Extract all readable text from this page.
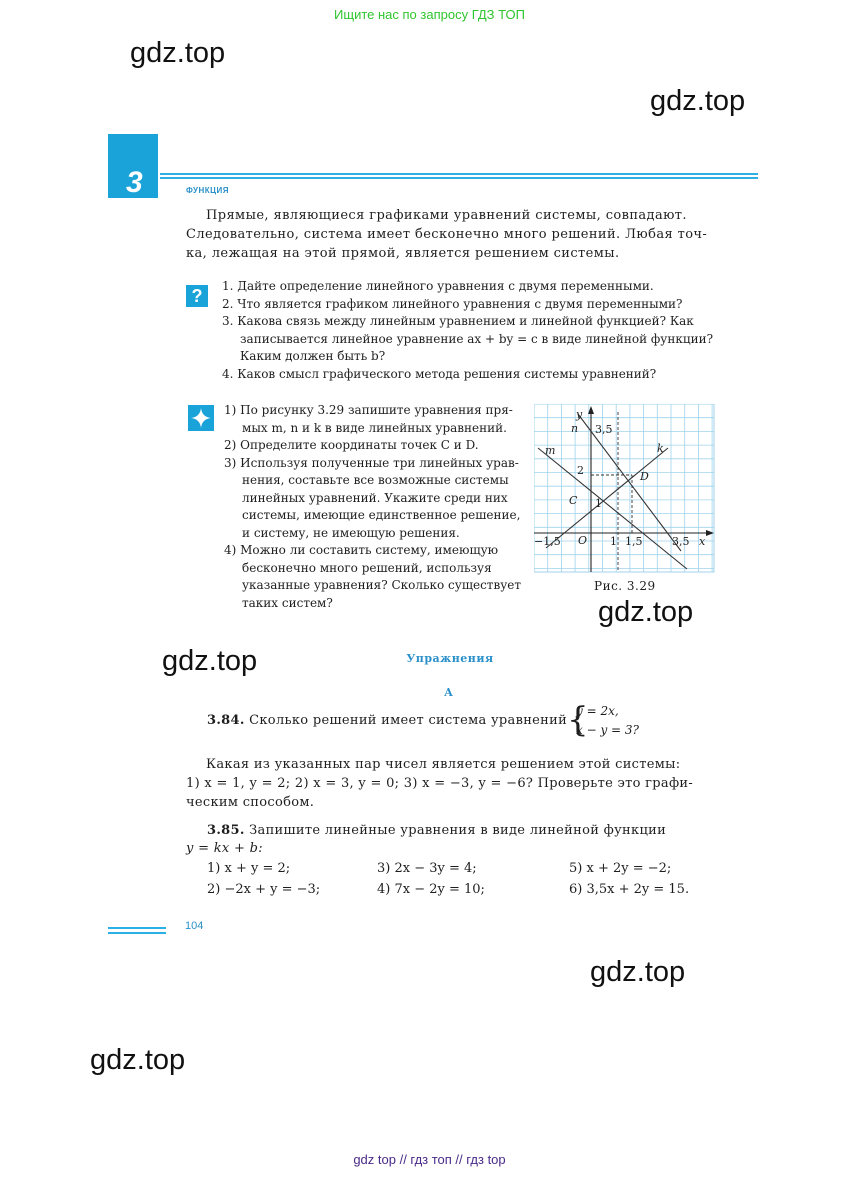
Ищите нас по запросу ГДЗ ТОП
gdz.top
gdz.top
gdz.top
gdz.top
gdz.top
gdz.top
3	ФУНКЦИЯ
Прямые, являющиеся графиками уравнений системы, совпадают.
Следовательно, система имеет бесконечно много решений. Любая точ-
ка, лежащая на этой прямой, является решением системы.
?	1. Дайте определение линейного уравнения с двумя переменными.
2. Что является графиком линейного уравнения с двумя переменными?
3. Какова связь между линейным уравнением и линейной функцией? Как
записывается линейное уравнение ax + by = c в виде линейной функции?
Каким должен быть b?
4. Каков смысл графического метода решения системы уравнений?
1) По рисунку 3.29 запишите уравнения пря-
мых m, n и k в виде линейных уравнений.
2) Определите координаты точек C и D.
3) Используя полученные три линейных урав-
нения, составьте все возможные системы
линейных уравнений. Укажите среди них
системы, имеющие единственное решение,
и систему, не имеющую решения.
4) Можно ли составить систему, имеющую
бесконечно много решений, используя
указанные уравнения? Сколько существует
таких систем?
y
x
m
n
k
C
D
O
3,5
2
1
−1,5	1 1,5	3,5
Рис. 3.29
Упражнения
А
3.84. Сколько решений имеет система уравнений {
y = 2x,
x − y = 3?
Какая из указанных пар чисел является решением этой системы:
1) x = 1, y = 2; 2) x = 3, y = 0; 3) x = −3, y = −6? Проверьте это графи-
ческим способом.
3.85. Запишите линейные уравнения в виде линейной функции
y = kx + b:
1) x + y = 2;	3) 2x − 3y = 4;	5) x + 2y = −2;
2) −2x + y = −3;	4) 7x − 2y = 10;	6) 3,5x + 2y = 15.
104
gdz top // гдз топ // гдз top
